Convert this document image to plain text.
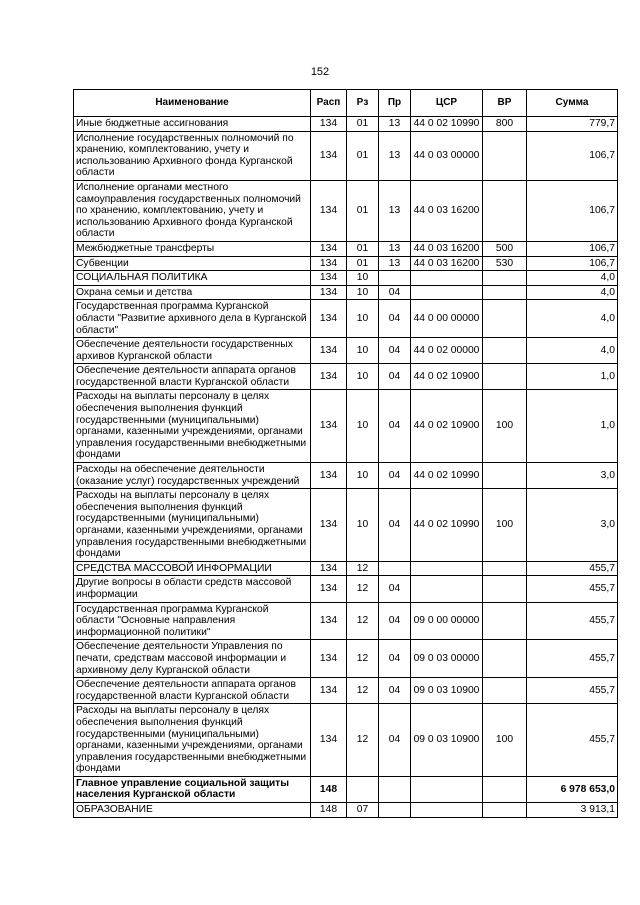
152
Наименование	Расп	Рз	Пр	ЦСР	ВР	Сумма
Иные бюджетные ассигнования	134	01	13	44 0 02 10990	800	779,7
Исполнение государственных полномочий по хранению, комплектованию, учету и использованию Архивного фонда Курганской области	134	01	13	44 0 03 00000		106,7
Исполнение органами местного самоуправления государственных полномочий по хранению, комплектованию, учету и использованию Архивного фонда Курганской области	134	01	13	44 0 03 16200		106,7
Межбюджетные трансферты	134	01	13	44 0 03 16200	500	106,7
Субвенции	134	01	13	44 0 03 16200	530	106,7
СОЦИАЛЬНАЯ ПОЛИТИКА	134	10				4,0
Охрана семьи и детства	134	10	04			4,0
Государственная программа Курганской области "Развитие архивного дела в Курганской области"	134	10	04	44 0 00 00000		4,0
Обеспечение деятельности государственных архивов Курганской области	134	10	04	44 0 02 00000		4,0
Обеспечение деятельности аппарата органов государственной власти Курганской области	134	10	04	44 0 02 10900		1,0
Расходы на выплаты персоналу в целях обеспечения выполнения функций государственными (муниципальными) органами, казенными учреждениями, органами управления государственными внебюджетными фондами	134	10	04	44 0 02 10900	100	1,0
Расходы на обеспечение деятельности (оказание услуг) государственных учреждений	134	10	04	44 0 02 10990		3,0
Расходы на выплаты персоналу в целях обеспечения выполнения функций государственными (муниципальными) органами, казенными учреждениями, органами управления государственными внебюджетными фондами	134	10	04	44 0 02 10990	100	3,0
СРЕДСТВА МАССОВОЙ ИНФОРМАЦИИ	134	12				455,7
Другие вопросы в области средств массовой информации	134	12	04			455,7
Государственная программа Курганской области "Основные направления информационной политики"	134	12	04	09 0 00 00000		455,7
Обеспечение деятельности Управления по печати, средствам массовой информации и архивному делу Курганской области	134	12	04	09 0 03 00000		455,7
Обеспечение деятельности аппарата органов государственной власти Курганской области	134	12	04	09 0 03 10900		455,7
Расходы на выплаты персоналу в целях обеспечения выполнения функций государственными (муниципальными) органами, казенными учреждениями, органами управления государственными внебюджетными фондами	134	12	04	09 0 03 10900	100	455,7
Главное управление социальной защиты населения Курганской области	148					6 978 653,0
ОБРАЗОВАНИЕ	148	07				3 913,1
